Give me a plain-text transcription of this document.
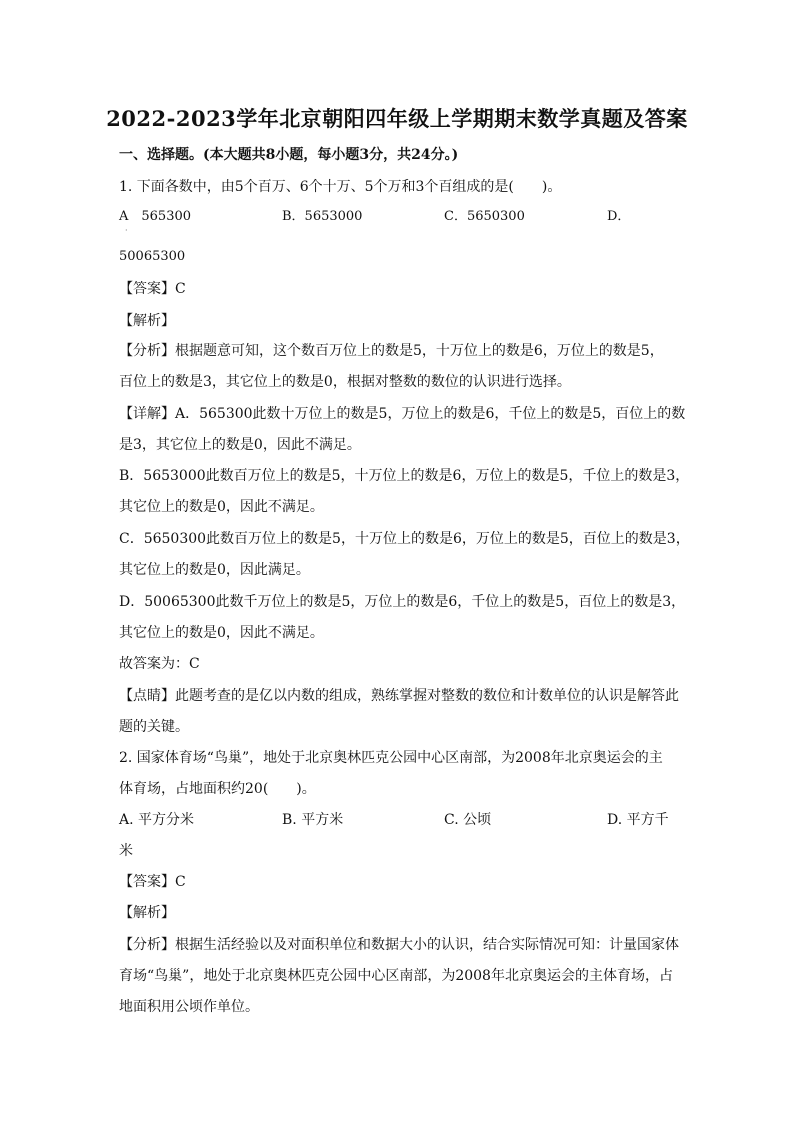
2022-2023学年北京朝阳四年级上学期期末数学真题及答案
一、选择题。(本大题共8小题，每小题3分，共24分。)
1. 下面各数中，由5个百万、6个十万、5个万和3个百组成的是(　　)。
A　565300	B．5653000	C．5650300	D．
·
50065300
【答案】C
【解析】
【分析】根据题意可知，这个数百万位上的数是5，十万位上的数是6，万位上的数是5，
百位上的数是3，其它位上的数是0，根据对整数的数位的认识进行选择。
【详解】A．565300此数十万位上的数是5，万位上的数是6，千位上的数是5，百位上的数
是3，其它位上的数是0，因此不满足。
B．5653000此数百万位上的数是5，十万位上的数是6，万位上的数是5，千位上的数是3，
其它位上的数是0，因此不满足。
C．5650300此数百万位上的数是5，十万位上的数是6，万位上的数是5，百位上的数是3，
其它位上的数是0，因此满足。
D．50065300此数千万位上的数是5，万位上的数是6，千位上的数是5，百位上的数是3，
其它位上的数是0，因此不满足。
故答案为：C
【点睛】此题考查的是亿以内数的组成，熟练掌握对整数的数位和计数单位的认识是解答此
题的关键。
2. 国家体育场“鸟巢”，地处于北京奥林匹克公园中心区南部，为2008年北京奥运会的主
体育场，占地面积约20(　　)。
A. 平方分米	B. 平方米	C. 公顷	D. 平方千
米
【答案】C
【解析】
【分析】根据生活经验以及对面积单位和数据大小的认识，结合实际情况可知：计量国家体
育场“鸟巢”，地处于北京奥林匹克公园中心区南部，为2008年北京奥运会的主体育场，占
地面积用公顷作单位。
